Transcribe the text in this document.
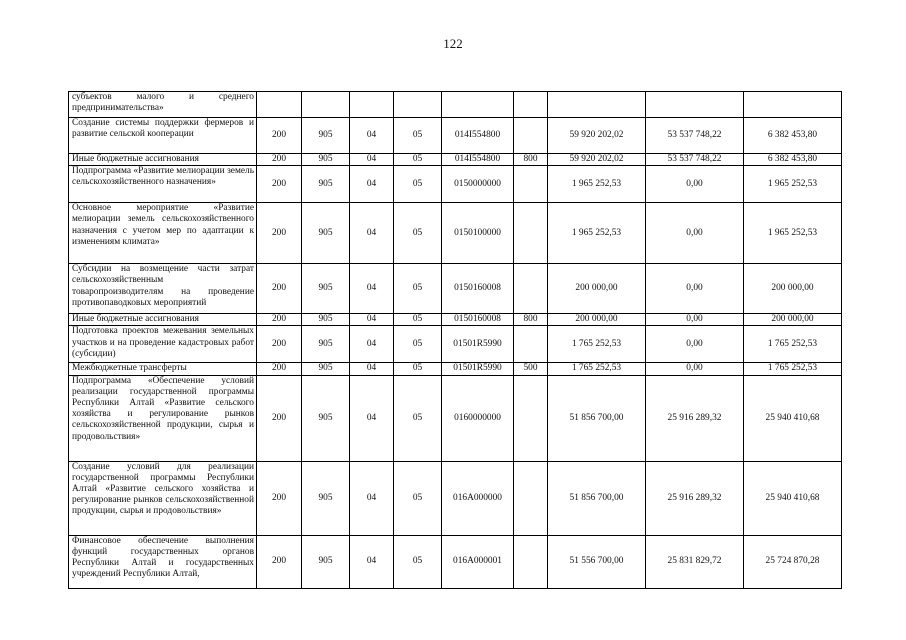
122
субъектов малого и среднего предпринимательства»									
Создание системы поддержки фермеров и развитие сельской кооперации	200	905	04	05	014I554800		59 920 202,02	53 537 748,22	6 382 453,80
Иные бюджетные ассигнования	200	905	04	05	014I554800	800	59 920 202,02	53 537 748,22	6 382 453,80
Подпрограмма «Развитие мелиорации земель сельскохозяйственного назначения»	200	905	04	05	0150000000		1 965 252,53	0,00	1 965 252,53
Основное мероприятие «Развитие мелиорации земель сельскохозяйственного назначения с учетом мер по адаптации к изменениям климата»	200	905	04	05	0150100000		1 965 252,53	0,00	1 965 252,53
Субсидии на возмещение части затрат сельскохозяйственным товаропроизводителям на проведение противопаводковых мероприятий	200	905	04	05	0150160008		200 000,00	0,00	200 000,00
Иные бюджетные ассигнования	200	905	04	05	0150160008	800	200 000,00	0,00	200 000,00
Подготовка проектов межевания земельных участков и на проведение кадастровых работ (субсидии)	200	905	04	05	01501R5990		1 765 252,53	0,00	1 765 252,53
Межбюджетные трансферты	200	905	04	05	01501R5990	500	1 765 252,53	0,00	1 765 252,53
Подпрограмма «Обеспечение условий реализации государственной программы Республики Алтай «Развитие сельского хозяйства и регулирование рынков сельскохозяйственной продукции, сырья и продовольствия»	200	905	04	05	0160000000		51 856 700,00	25 916 289,32	25 940 410,68
Создание условий для реализации государственной программы Республики Алтай «Развитие сельского хозяйства и регулирование рынков сельскохозяйственной продукции, сырья и продовольствия»	200	905	04	05	016A000000		51 856 700,00	25 916 289,32	25 940 410,68
Финансовое обеспечение выполнения функций государственных органов Республики Алтай и государственных учреждений Республики Алтай,	200	905	04	05	016A000001		51 556 700,00	25 831 829,72	25 724 870,28
